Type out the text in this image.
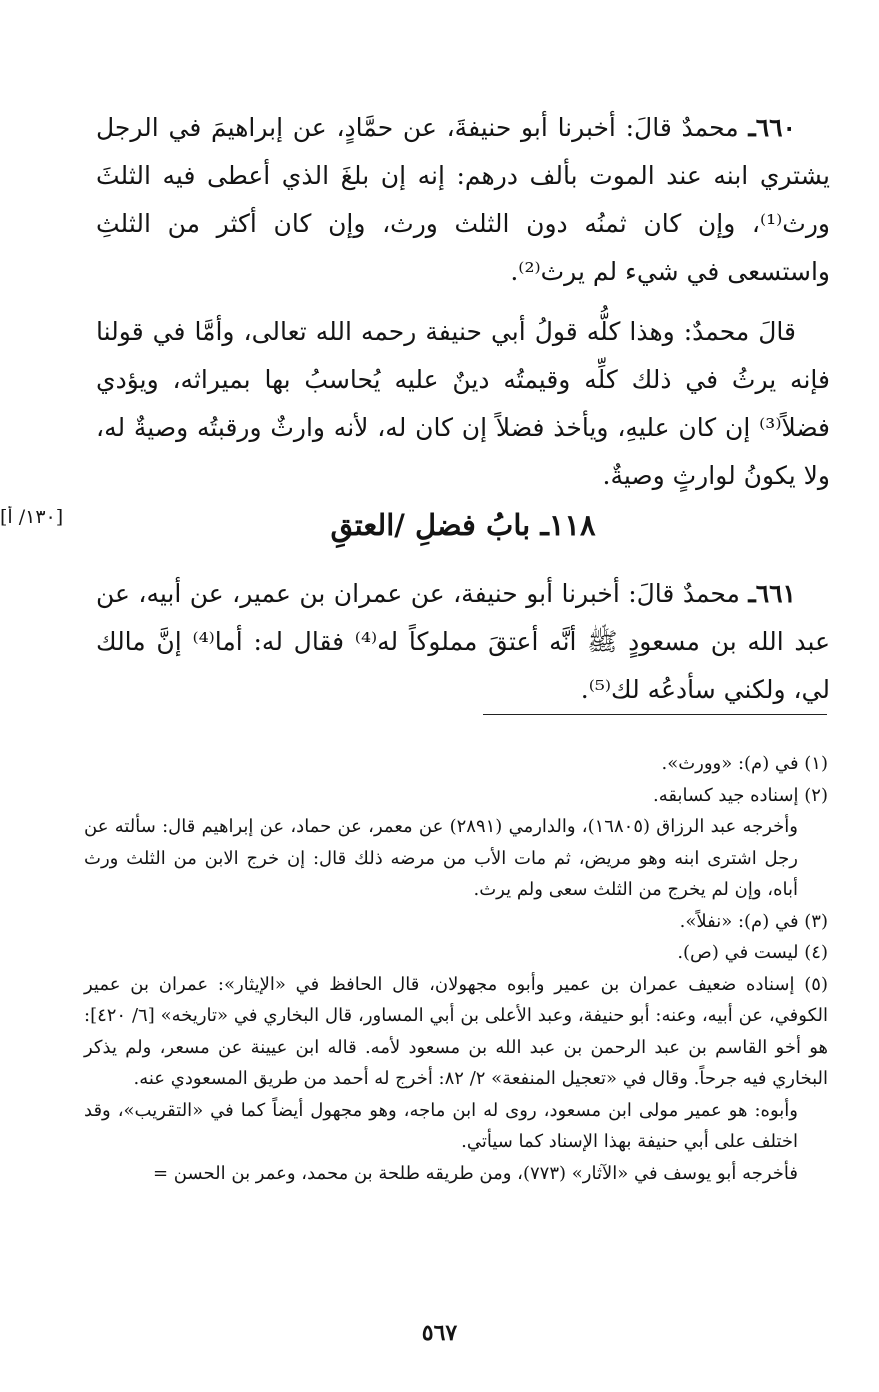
٦٦٠ـ محمدٌ قالَ: أخبرنا أبو حنيفةَ، عن حمَّادٍ، عن إبراهيمَ في الرجل يشتري ابنه عند الموت بألف درهم: إنه إن بلغَ الذي أعطى فيه الثلثَ ورث⁽¹⁾، وإن كان ثمنُه دون الثلث ورث، وإن كان أكثر من الثلثِ واستسعى في شيء لم يرث⁽²⁾.

قالَ محمدٌ: وهذا كلُّه قولُ أبي حنيفة رحمه الله تعالى، وأمَّا في قولنا فإنه يرثُ في ذلك كلِّه وقيمتُه دينٌ عليه يُحاسبُ بها بميراثه، ويؤدي فضلاً⁽³⁾ إن كان عليهِ، ويأخذ فضلاً إن كان له، لأنه وارثٌ ورقبتُه وصيةٌ له، ولا يكونُ لوارثٍ وصيةٌ.

[١٣٠/ أ]	١١٨ـ بابُ فضلِ /العتقِ

٦٦١ـ محمدٌ قالَ: أخبرنا أبو حنيفة، عن عمران بن عمير، عن أبيه، عن عبد الله بن مسعودٍ ﷺ أنَّه أعتقَ مملوكاً له⁽⁴⁾ فقال له: أما⁽⁴⁾ إنَّ مالك لي، ولكني سأدعُه لك⁽⁵⁾.

(١) في (م): «وورث».

(٢) إسناده جيد كسابقه.

وأخرجه عبد الرزاق (١٦٨٠٥)، والدارمي (٢٨٩١) عن معمر، عن حماد، عن إبراهيم قال: سألته عن رجل اشترى ابنه وهو مريض، ثم مات الأب من مرضه ذلك قال: إن خرج الابن من الثلث ورث أباه، وإن لم يخرج من الثلث سعى ولم يرث.

(٣) في (م): «نفلاً».

(٤) ليست في (ص).

(٥) إسناده ضعيف عمران بن عمير وأبوه مجهولان، قال الحافظ في «الإيثار»: عمران بن عمير الكوفي، عن أبيه، وعنه: أبو حنيفة، وعبد الأعلى بن أبي المساور، قال البخاري في «تاريخه» [٦/ ٤٢٠]: هو أخو القاسم بن عبد الرحمن بن عبد الله بن مسعود لأمه. قاله ابن عيينة عن مسعر، ولم يذكر البخاري فيه جرحاً. وقال في «تعجيل المنفعة» ٢/ ٨٢: أخرج له أحمد من طريق المسعودي عنه.

وأبوه: هو عمير مولى ابن مسعود، روى له ابن ماجه، وهو مجهول أيضاً كما في «التقريب»، وقد اختلف على أبي حنيفة بهذا الإسناد كما سيأتي.

فأخرجه أبو يوسف في «الآثار» (٧٧٣)، ومن طريقه طلحة بن محمد، وعمر بن الحسن =

٥٦٧
